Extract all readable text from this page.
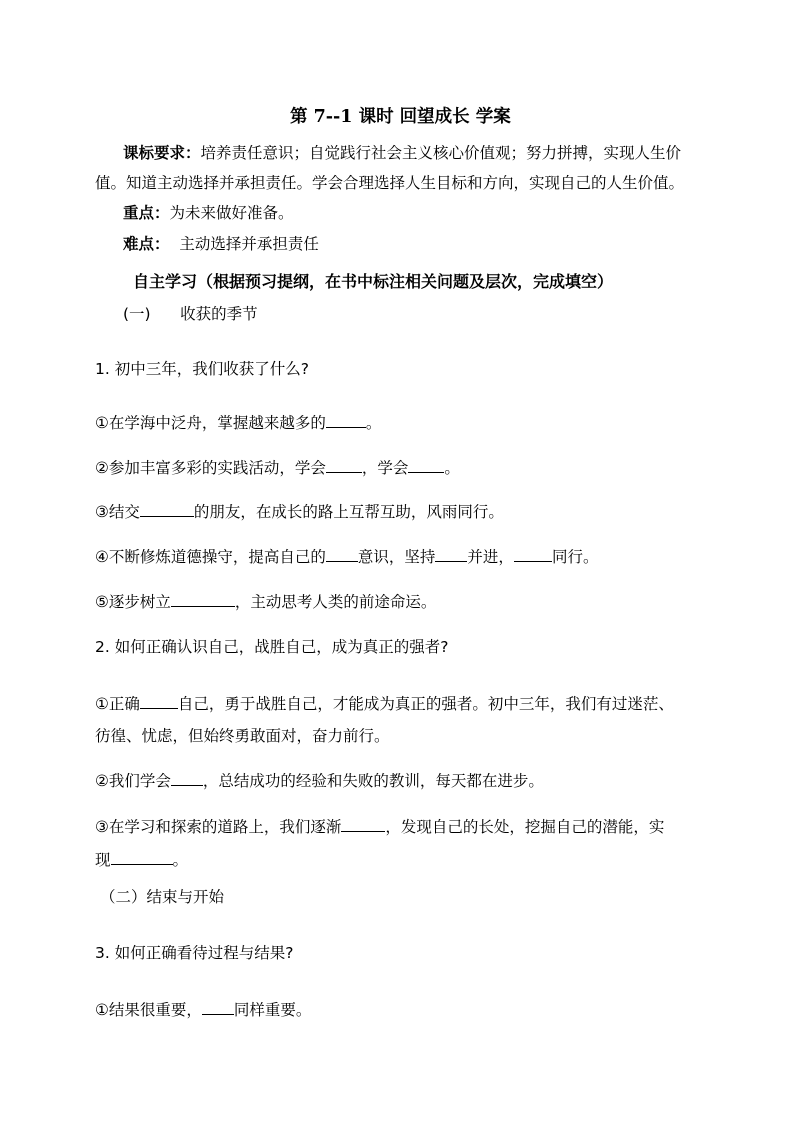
第 7--1 课时 回望成长 学案
课标要求：培养责任意识；自觉践行社会主义核心价值观；努力拼搏，实现人生价
值。知道主动选择并承担责任。学会合理选择人生目标和方向，实现自己的人生价值。
重点：为未来做好准备。
难点： 主动选择并承担责任
自主学习（根据预习提纲，在书中标注相关问题及层次，完成填空）
(一)      收获的季节
1. 初中三年，我们收获了什么?
①在学海中泛舟，掌握越来越多的	。
②参加丰富多彩的实践活动，学会 ，学会 。
③结交	的朋友，在成长的路上互帮互助，风雨同行。
④不断修炼道德操守，提高自己的 意识，坚持 并进， 同行。
⑤逐步树立	，主动思考人类的前途命运。
2. 如何正确认识自己，战胜自己，成为真正的强者?
①正确 自己，勇于战胜自己，才能成为真正的强者。初中三年，我们有过迷茫、
彷徨、忧虑，但始终勇敢面对，奋力前行。
②我们学会 ，总结成功的经验和失败的教训，每天都在进步。
③在学习和探索的道路上，我们逐渐	，发现自己的长处，挖掘自己的潜能，实
现	。
（二）结束与开始
3. 如何正确看待过程与结果?
①结果很重要， 同样重要。
